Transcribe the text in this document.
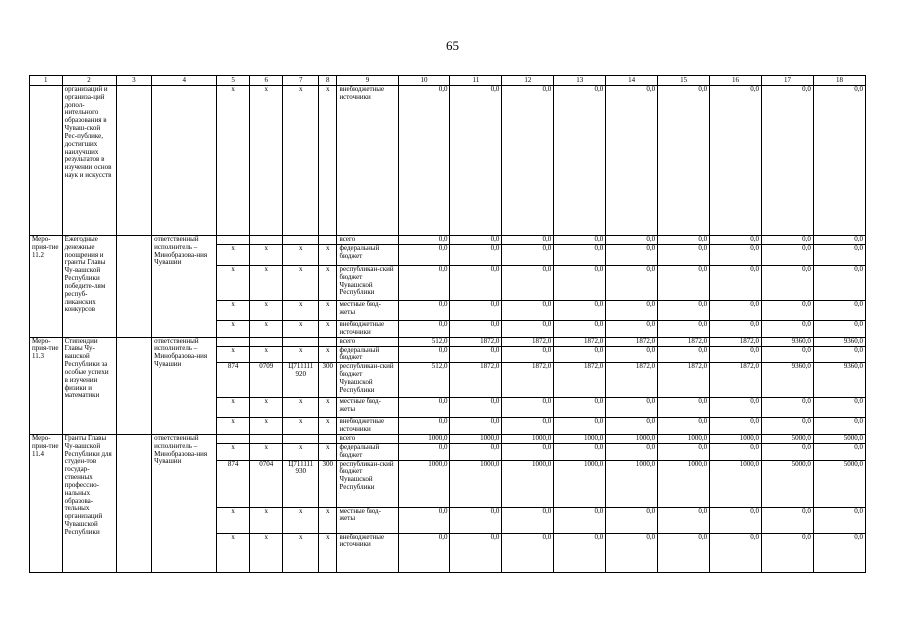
65
1	2	3	4	5	6	7	8	9	10	11	12	13	14	15	16	17	18
	организаций и организа-ций допол-нительного образования в Чуваш-ской Рес-публике, достигших наилучших результатов в изучении основ наук и искусств			x	x	x	x	внебюджетные источники	0,0	0,0	0,0	0,0	0,0	0,0	0,0	0,0	0,0
Меро-прия-тие 11.2	Ежегодные денежные поощрения и гранты Главы Чу-вашской Республики победите-лям респуб-ликанских конкурсов		ответственный исполнитель – Минобразова-ния Чувашии					всего	0,0	0,0	0,0	0,0	0,0	0,0	0,0	0,0	0,0
				x	x	x	x	федеральный бюджет	0,0	0,0	0,0	0,0	0,0	0,0	0,0	0,0	0,0
				x	x	x	x	республикан-ский бюджет Чувашской Республики	0,0	0,0	0,0	0,0	0,0	0,0	0,0	0,0	0,0
				x	x	x	x	местные бюд-жеты	0,0	0,0	0,0	0,0	0,0	0,0	0,0	0,0	0,0
				x	x	x	x	внебюджетные источники	0,0	0,0	0,0	0,0	0,0	0,0	0,0	0,0	0,0
Меро-прия-тие 11.3	Стипендии Главы Чу-вашской Республики за особые успехи в изучении физики и математики		ответственный исполнитель – Минобразова-ния Чувашии					всего	512,0	1872,0	1872,0	1872,0	1872,0	1872,0	1872,0	9360,0	9360,0
				x	x	x	x	федеральный бюджет	0,0	0,0	0,0	0,0	0,0	0,0	0,0	0,0	0,0
				874	0709	Ц711111 920	300	республикан-ский бюджет Чувашской Республики	512,0	1872,0	1872,0	1872,0	1872,0	1872,0	1872,0	9360,0	9360,0
				x	x	x	x	местные бюд-жеты	0,0	0,0	0,0	0,0	0,0	0,0	0,0	0,0	0,0
				x	x	x	x	внебюджетные источники	0,0	0,0	0,0	0,0	0,0	0,0	0,0	0,0	0,0
Меро-прия-тие 11.4	Гранты Главы Чу-вашской Республики для студен-тов государ-ственных профессио-нальных образова-тельных организаций Чувашской Республики		ответственный исполнитель – Минобразова-ния Чувашии					всего	1000,0	1000,0	1000,0	1000,0	1000,0	1000,0	1000,0	5000,0	5000,0
				x	x	x	x	федеральный бюджет	0,0	0,0	0,0	0,0	0,0	0,0	0,0	0,0	0,0
				874	0704	Ц711111 930	300	республикан-ский бюджет Чувашской Республики	1000,0	1000,0	1000,0	1000,0	1000,0	1000,0	1000,0	5000,0	5000,0
				x	x	x	x	местные бюд-жеты	0,0	0,0	0,0	0,0	0,0	0,0	0,0	0,0	0,0
				x	x	x	x	внебюджетные источники	0,0	0,0	0,0	0,0	0,0	0,0	0,0	0,0	0,0
